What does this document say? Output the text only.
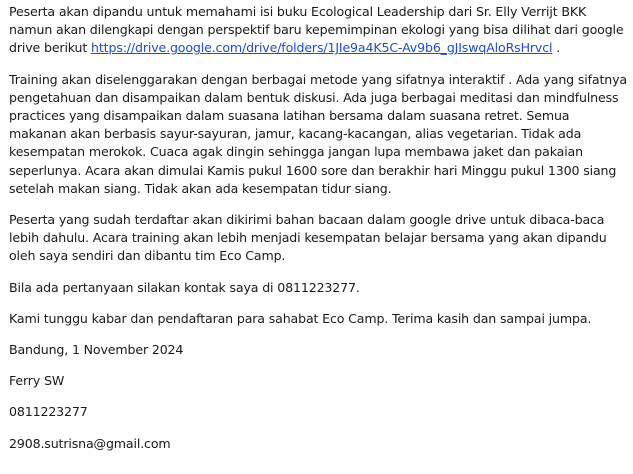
Peserta akan dipandu untuk memahami isi buku Ecological Leadership dari Sr. Elly Verrijt BKK namun akan dilengkapi dengan perspektif baru kepemimpinan ekologi yang bisa dilihat dari google drive berikut https://drive.google.com/drive/folders/1JIe9a4K5C-Av9b6_gJIswqAloRsHrvcl .

Training akan diselenggarakan dengan berbagai metode yang sifatnya interaktif . Ada yang sifatnya pengetahuan dan disampaikan dalam bentuk diskusi. Ada juga berbagai meditasi dan mindfulness practices yang disampaikan dalam suasana latihan bersama dalam suasana retret. Semua makanan akan berbasis sayur-sayuran, jamur, kacang-kacangan, alias vegetarian. Tidak ada kesempatan merokok. Cuaca agak dingin sehingga jangan lupa membawa jaket dan pakaian seperlunya. Acara akan dimulai Kamis pukul 1600 sore dan berakhir hari Minggu pukul 1300 siang setelah makan siang. Tidak akan ada kesempatan tidur siang.

Peserta yang sudah terdaftar akan dikirimi bahan bacaan dalam google drive untuk dibaca-baca lebih dahulu. Acara training akan lebih menjadi kesempatan belajar bersama yang akan dipandu oleh saya sendiri dan dibantu tim Eco Camp.

Bila ada pertanyaan silakan kontak saya di 0811223277.

Kami tunggu kabar dan pendaftaran para sahabat Eco Camp. Terima kasih dan sampai jumpa.

Bandung, 1 November 2024

Ferry SW

0811223277

2908.sutrisna@gmail.com
